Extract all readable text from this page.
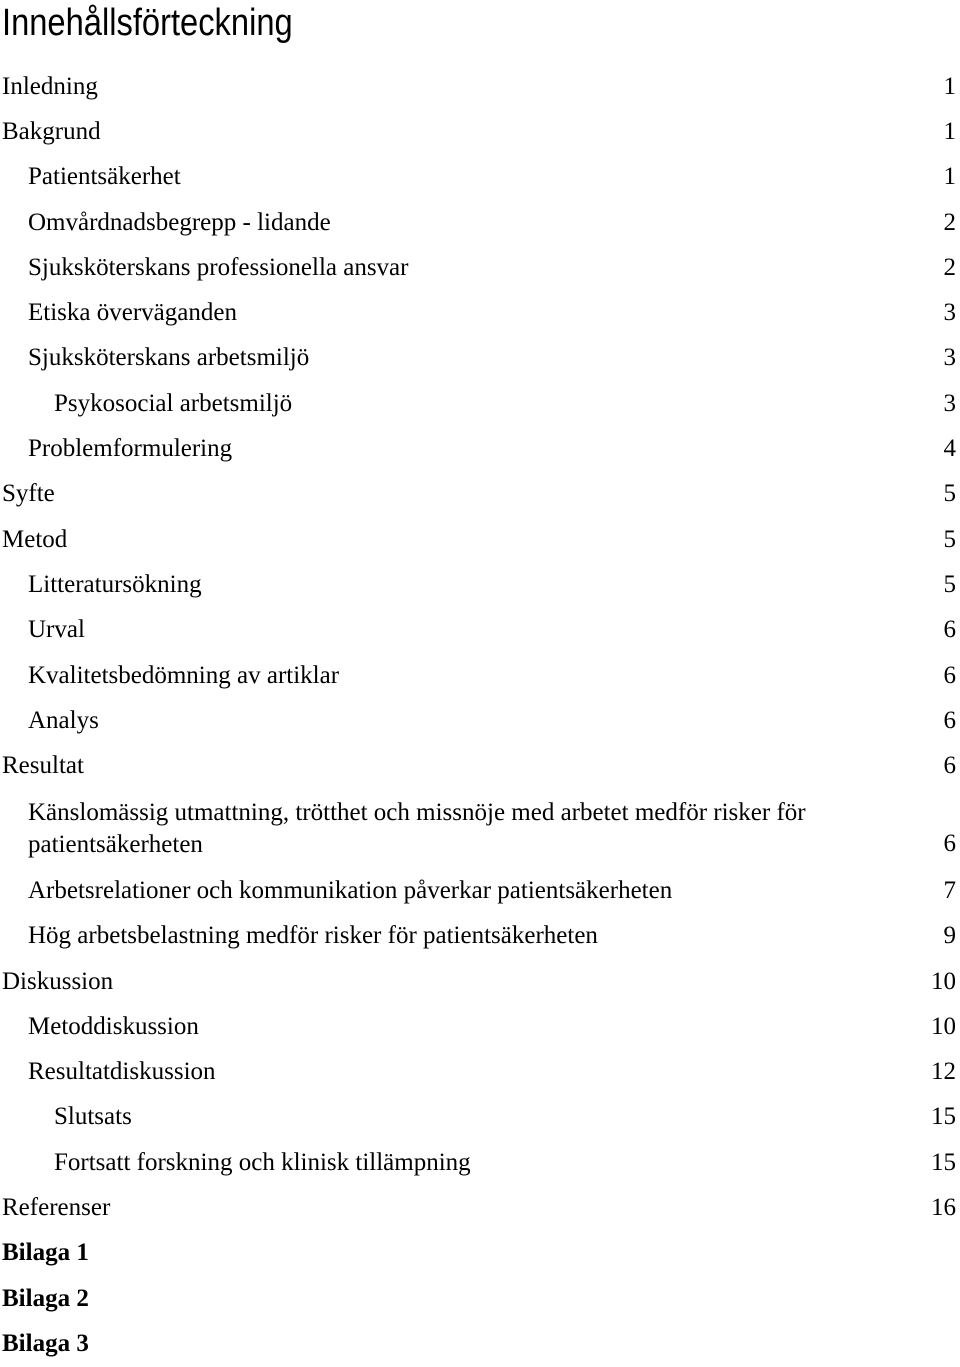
Innehållsförteckning
Inledning	1
Bakgrund	1
Patientsäkerhet	1
Omvårdnadsbegrepp - lidande	2
Sjuksköterskans professionella ansvar	2
Etiska överväganden	3
Sjuksköterskans arbetsmiljö	3
Psykosocial arbetsmiljö	3
Problemformulering	4
Syfte	5
Metod	5
Litteratursökning	5
Urval	6
Kvalitetsbedömning av artiklar	6
Analys	6
Resultat	6
Känslomässig utmattning, trötthet och missnöje med arbetet medför risker för patientsäkerheten	6
Arbetsrelationer och kommunikation påverkar patientsäkerheten	7
Hög arbetsbelastning medför risker för patientsäkerheten	9
Diskussion	10
Metoddiskussion	10
Resultatdiskussion	12
Slutsats	15
Fortsatt forskning och klinisk tillämpning	15
Referenser	16
Bilaga 1
Bilaga 2
Bilaga 3
